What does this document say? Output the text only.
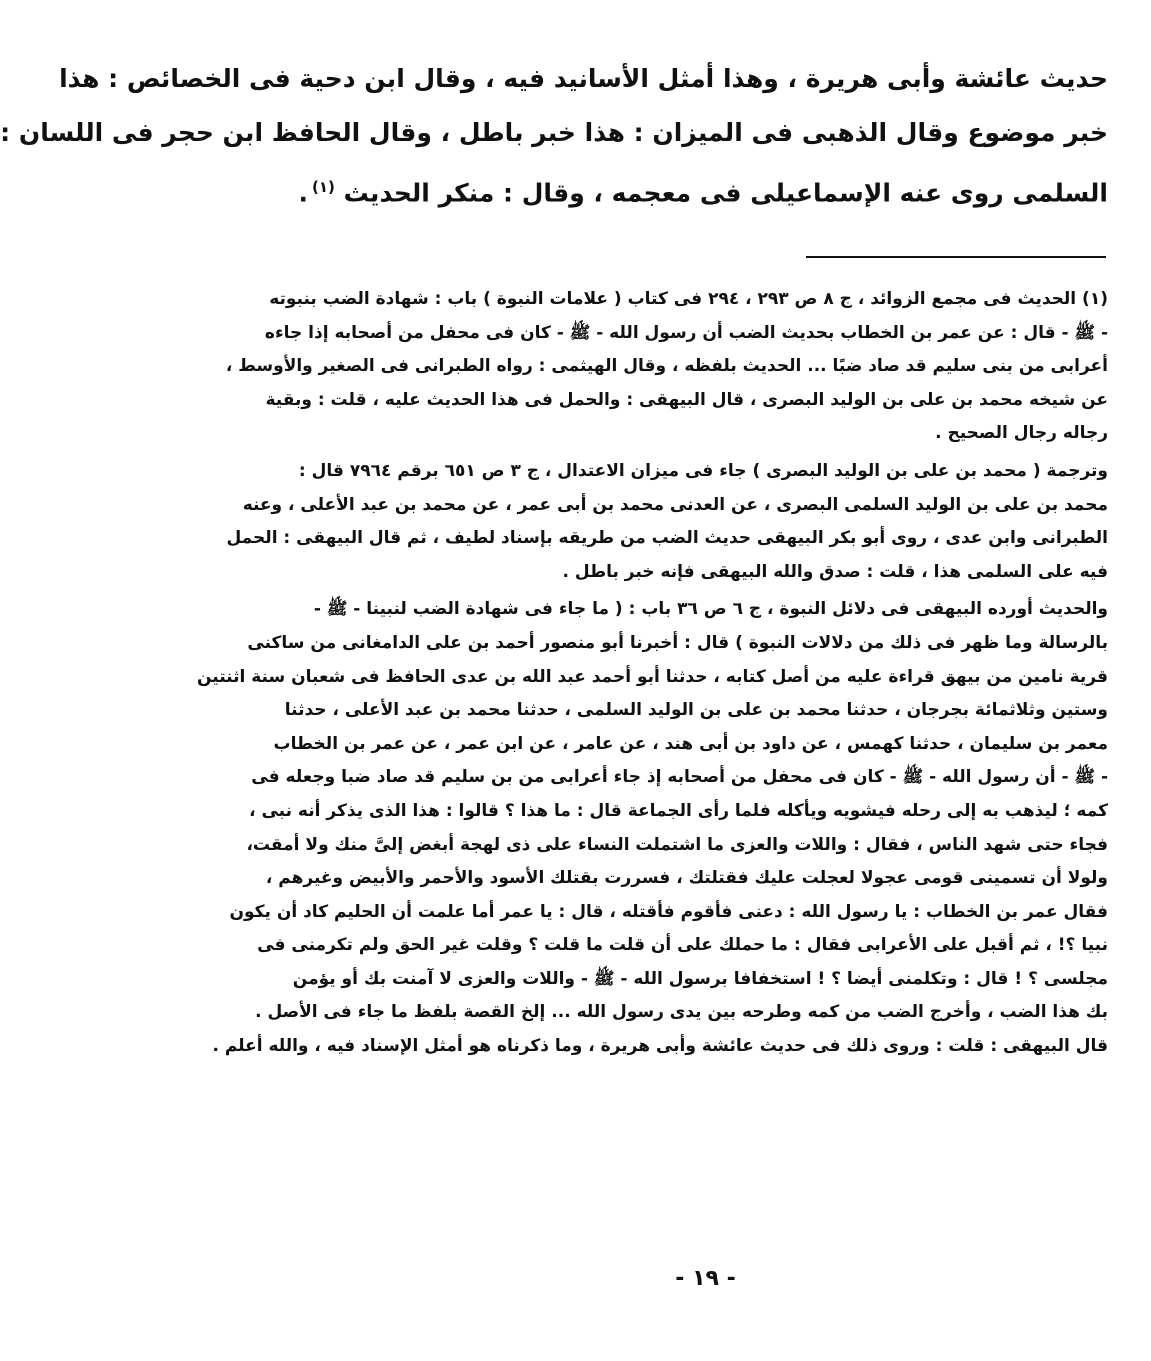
حديث عائشة وأبى هريرة ، وهذا أمثل الأسانيد فيه ، وقال ابن دحية فى الخصائص : هذا

خبر موضوع وقال الذهبى فى الميزان : هذا خبر باطل ، وقال الحافظ ابن حجر فى اللسان :

السلمى روى عنه الإسماعيلى فى معجمه ، وقال : منكر الحديث $^{(١)}$.

(١) الحديث فى مجمع الزوائد ، ج ٨ ص ٢٩٣ ، ٢٩٤ فى كتاب ( علامات النبوة ) باب : شهادة الضب بنبوته

- ﷺ - قال : عن عمر بن الخطاب بحديث الضب أن رسول الله - ﷺ - كان فى محفل من أصحابه إذا جاءه

أعرابى من بنى سليم قد صاد ضبًا ... الحديث بلفظه ، وقال الهيثمى : رواه الطبرانى فى الصغير والأوسط ،

عن شيخه محمد بن على بن الوليد البصرى ، قال البيهقى : والحمل فى هذا الحديث عليه ، قلت : وبقية

رجاله رجال الصحيح .

وترجمة ( محمد بن على بن الوليد البصرى ) جاء فى ميزان الاعتدال ، ج ٣ ص ٦٥١ برقم ٧٩٦٤ قال :

محمد بن على بن الوليد السلمى البصرى ، عن العدنى محمد بن أبى عمر ، عن محمد بن عبد الأعلى ، وعنه

الطبرانى وابن عدى ، روى أبو بكر البيهقى حديث الضب من طريقه بإسناد لطيف ، ثم قال البيهقى : الحمل

فيه على السلمى هذا ، قلت : صدق والله البيهقى فإنه خبر باطل .

والحديث أورده البيهقى فى دلائل النبوة ، ج ٦ ص ٣٦ باب : ( ما جاء فى شهادة الضب لنبينا - ﷺ -

بالرسالة وما ظهر فى ذلك من دلالات النبوة ) قال : أخبرنا أبو منصور أحمد بن على الدامغانى من ساكنى

قرية نامين من بيهق قراءة عليه من أصل كتابه ، حدثنا أبو أحمد عبد الله بن عدى الحافظ فى شعبان سنة اثنتين

وستين وثلاثمائة بجرجان ، حدثنا محمد بن على بن الوليد السلمى ، حدثنا محمد بن عبد الأعلى ، حدثنا

معمر بن سليمان ، حدثنا كهمس ، عن داود بن أبى هند ، عن عامر ، عن ابن عمر ، عن عمر بن الخطاب

- ﷺ - أن رسول الله - ﷺ - كان فى محفل من أصحابه إذ جاء أعرابى من بن سليم قد صاد ضبا وجعله فى

كمه ؛ ليذهب به إلى رحله فيشويه ويأكله فلما رأى الجماعة قال : ما هذا ؟ قالوا : هذا الذى يذكر أنه نبى ،

فجاء حتى شهد الناس ، فقال : واللات والعزى ما اشتملت النساء على ذى لهجة أبغض إلىَّ منك ولا أمقت،

ولولا أن تسمينى قومى عجولا لعجلت عليك فقتلتك ، فسررت بقتلك الأسود والأحمر والأبيض وغيرهم ،

فقال عمر بن الخطاب : يا رسول الله : دعنى فأقوم فأقتله ، قال : يا عمر أما علمت أن الحليم كاد أن يكون

نبيا ؟! ، ثم أقبل على الأعرابى فقال : ما حملك على أن قلت ما قلت ؟ وقلت غير الحق ولم تكرمنى فى

مجلسى ؟ ! قال : وتكلمنى أيضا ؟ ! استخفافا برسول الله - ﷺ - واللات والعزى لا آمنت بك أو يؤمن

بك هذا الضب ، وأخرج الضب من كمه وطرحه بين يدى رسول الله ... إلخ القصة بلفظ ما جاء فى الأصل .

قال البيهقى : قلت : وروى ذلك فى حديث عائشة وأبى هريرة ، وما ذكرناه هو أمثل الإسناد فيه ، والله أعلم .

- ١٩ -
